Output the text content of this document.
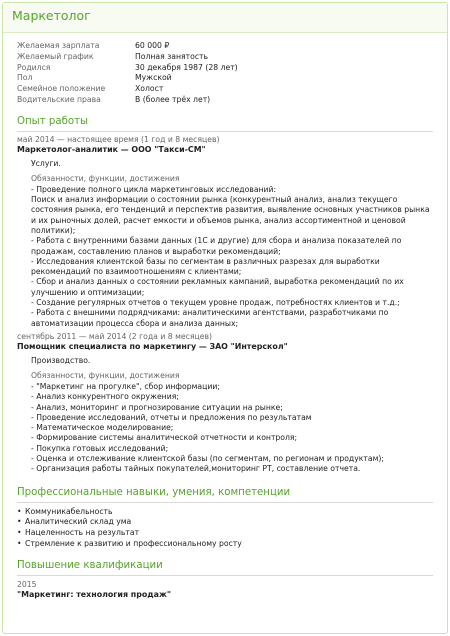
Маркетолог
Желаемая зарплата	60 000 ₽
Желаемый график	Полная занятость
Родился	30 декабря 1987 (28 лет)
Пол	Мужской
Семейное положение	Холост
Водительские права	B (более трёх лет)
Опыт работы
май 2014 — настоящее время (1 год и 8 месяцев)
Маркетолог-аналитик — ООО "Такси-СМ"
Услуги.
Обязанности, функции, достижения
- Проведение полного цикла маркетинговых исследований:
Поиск и анализ информации о состоянии рынка (конкурентный анализ, анализ текущего
состояния рынка, его тенденций и перспектив развития, выявление основных участников рынка
и их рыночных долей, расчет емкости и объемов рынка, анализ ассортиментной и ценовой
политики);
- Работа с внутренними базами данных (1С и другие) для сбора и анализа показателей по
продажам, составлению планов и выработки рекомендаций;
- Исследования клиентской базы по сегментам в различных разрезах для выработки
рекомендаций по взаимоотношениям с клиентами;
- Сбор и анализ данных о состоянии рекламных кампаний, выработка рекомендаций по их
улучшению и оптимизации;
- Создание регулярных отчетов о текущем уровне продаж, потребностях клиентов и т.д.;
- Работа с внешними подрядчиками: аналитическими агентствами, разработчиками по
автоматизации процесса сбора и анализа данных;
сентябрь 2011 — май 2014 (2 года и 8 месяцев)
Помощник специалиста по маркетингу — ЗАО "Интерскол"
Производство.
Обязанности, функции, достижения
- "Маркетинг на прогулке", сбор информации;
- Анализ конкурентного окружения;
- Анализ, мониторинг и прогнозирование ситуации на рынке;
- Проведение исследований, отчеты и предложения по результатам
- Математическое моделирование;
- Формирование системы аналитической отчетности и контроля;
- Покупка готовых исследований;
- Оценка и отслеживание клиентской базы (по сегментам, по регионам и продуктам);
- Организация работы тайных покупателей,мониторинг РТ, составление отчета.
Профессиональные навыки, умения, компетенции
• Коммуникабельность
• Аналитический склад ума
• Нацеленность на результат
• Стремление к развитию и профессиональному росту
Повышение квалификации
2015
"Маркетинг: технология продаж"
